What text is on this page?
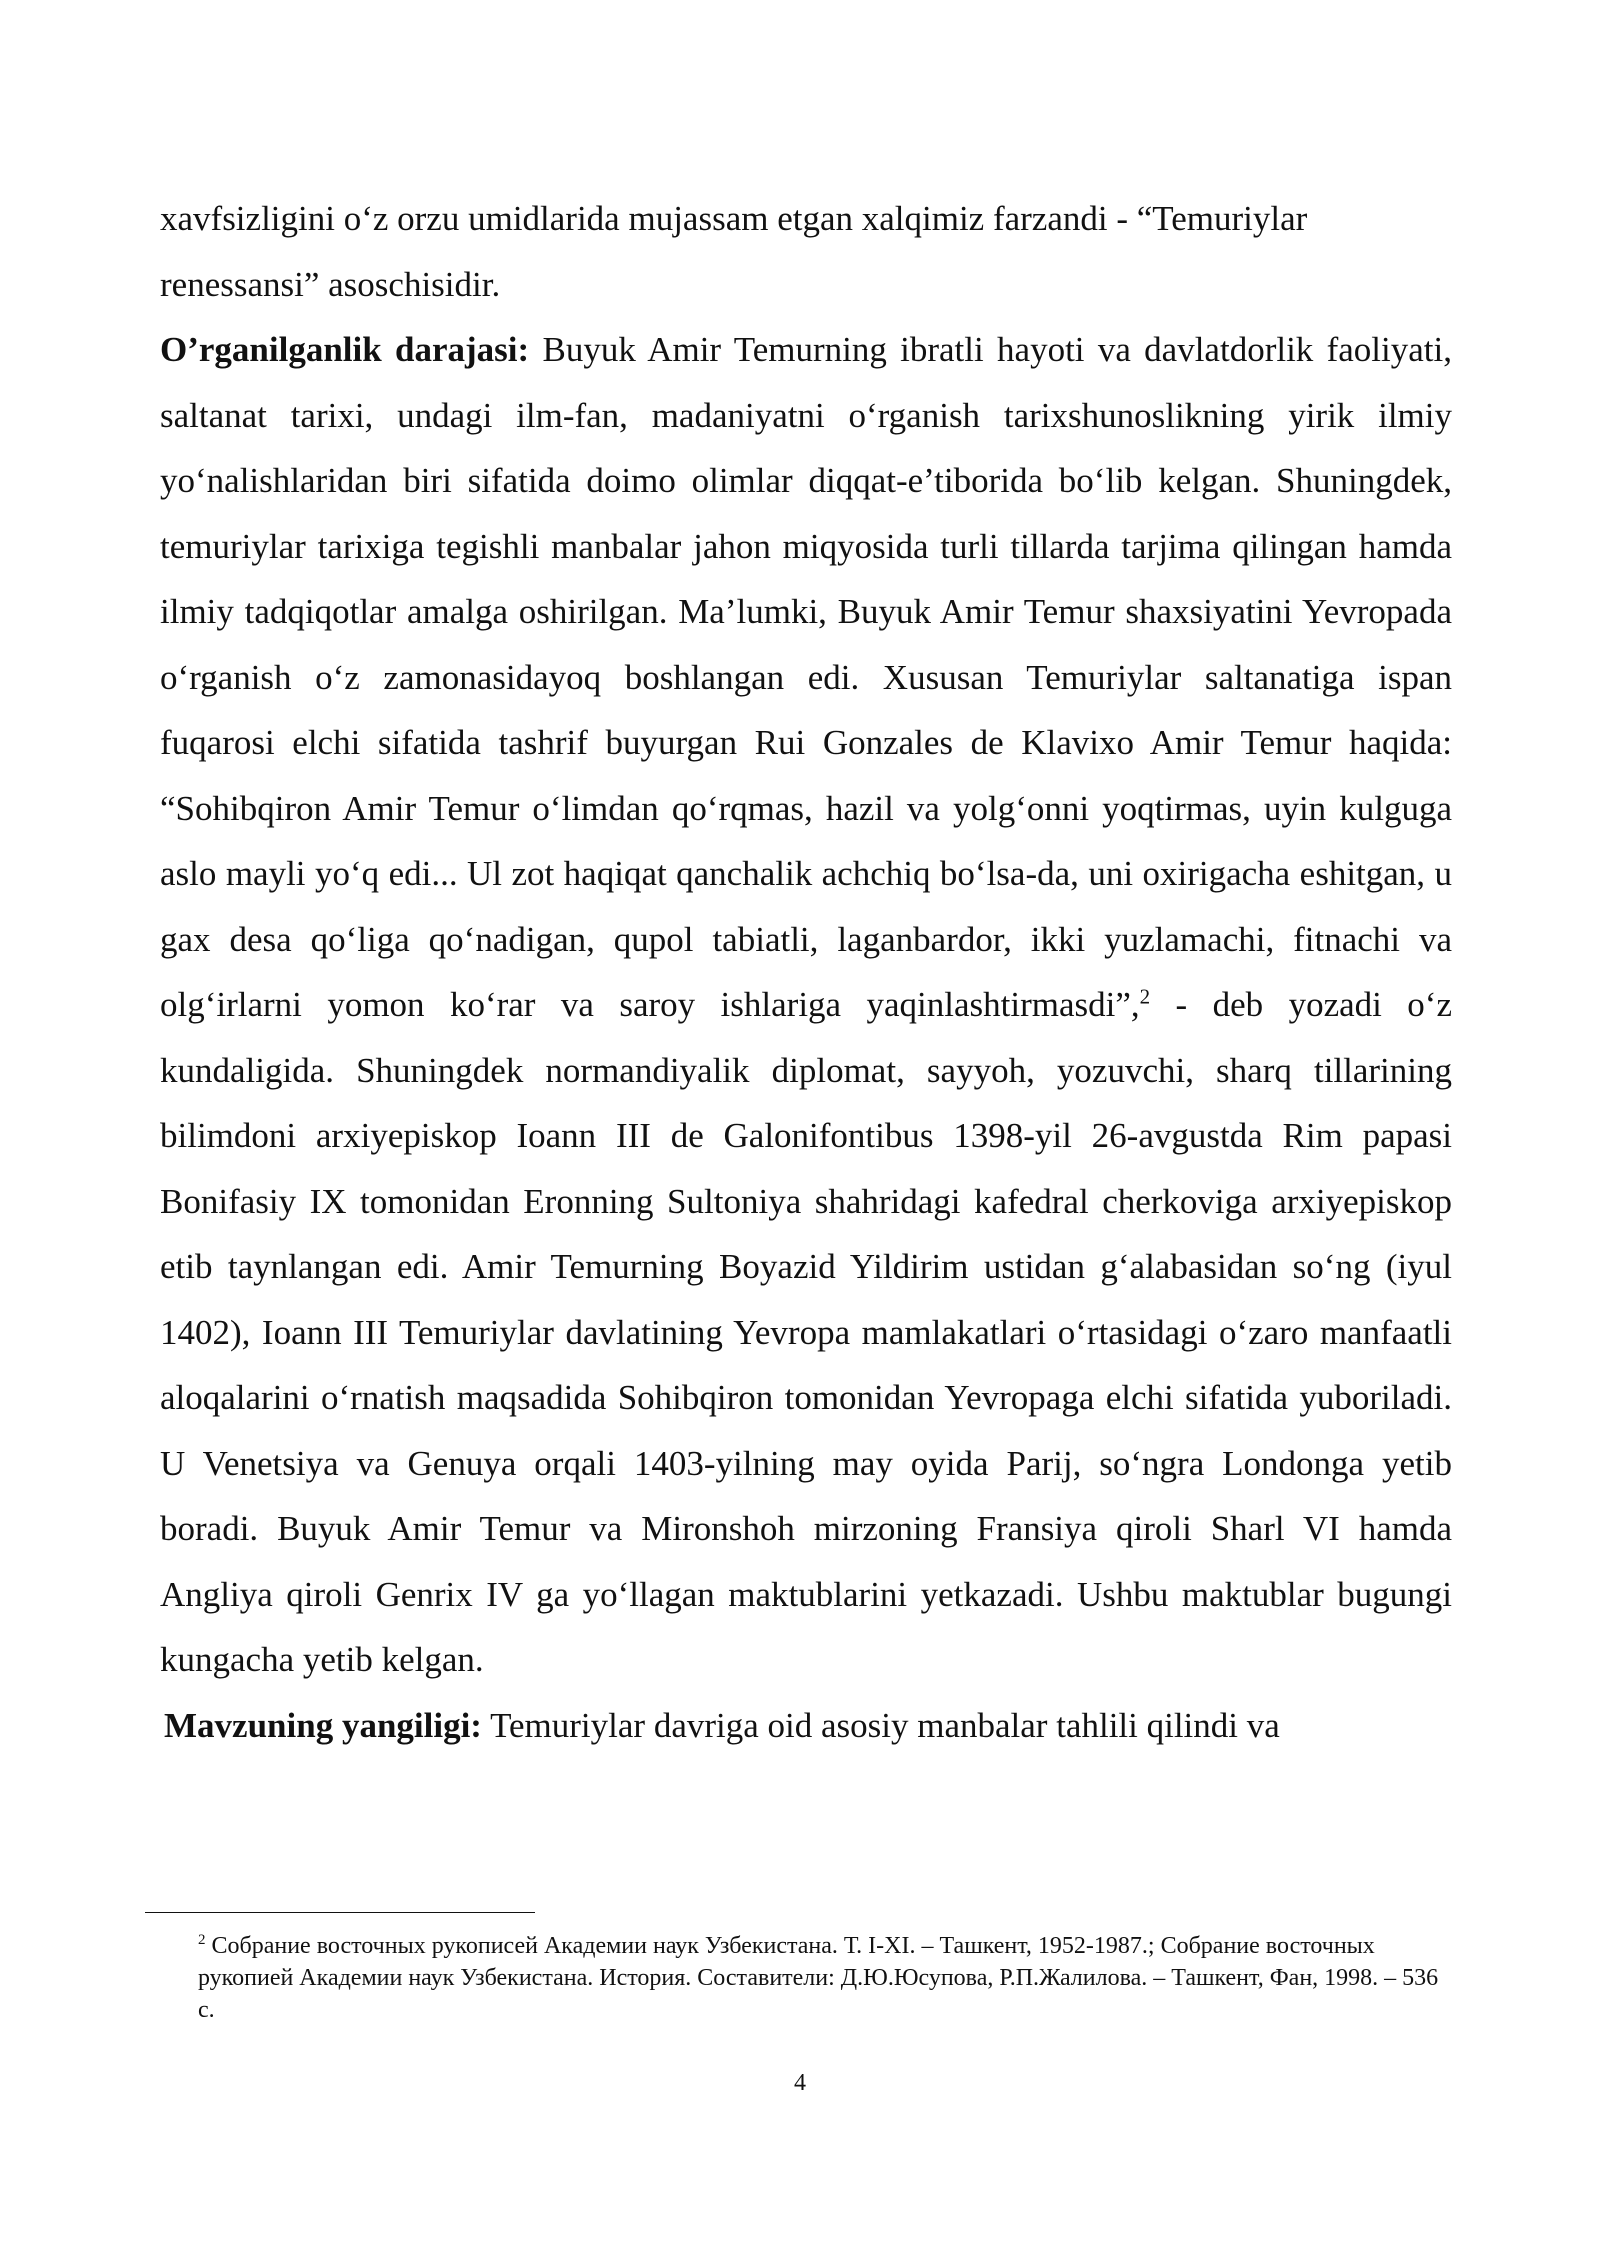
xavfsizligini o‘z orzu umidlarida mujassam etgan xalqimiz farzandi - “Temuriylar renessansi” asoschisidir.

O’rganilganlik darajasi: Buyuk Amir Temurning ibratli hayoti va davlatdorlik faoliyati, saltanat tarixi, undagi ilm-fan, madaniyatni o‘rganish tarixshunoslikning yirik ilmiy yo‘nalishlaridan biri sifatida doimo olimlar diqqat-e’tiborida bo‘lib kelgan. Shuningdek, temuriylar tarixiga tegishli manbalar jahon miqyosida turli tillarda tarjima qilingan hamda ilmiy tadqiqotlar amalga oshirilgan. Ma’lumki, Buyuk Amir Temur shaxsiyatini Yevropada o‘rganish o‘z zamonasidayoq boshlangan edi. Xususan Temuriylar saltanatiga ispan fuqarosi elchi sifatida tashrif buyurgan Rui Gonzales de Klavixo Amir Temur haqida: “Sohibqiron Amir Temur o‘limdan qo‘rqmas, hazil va yolg‘onni yoqtirmas, uyin kulguga aslo mayli yo‘q edi... Ul zot haqiqat qanchalik achchiq bo‘lsa-da, uni oxirigacha eshitgan, u gax desa qo‘liga qo‘nadigan, qupol tabiatli, laganbardor, ikki yuzlamachi, fitnachi va olg‘irlarni yomon ko‘rar va saroy ishlariga yaqinlashtirmasdi”,$^2$ - deb yozadi o‘z kundaligida. Shuningdek normandiyalik diplomat, sayyoh, yozuvchi, sharq tillarining bilimdoni arxiyepiskop Ioann III de Galonifontibus 1398-yil 26-avgustda Rim papasi Bonifasiy IX tomonidan Eronning Sultoniya shahridagi kafedral cherkoviga arxiyepiskop etib taynlangan edi. Amir Temurning Boyazid Yildirim ustidan g‘alabasidan so‘ng (iyul 1402), Ioann III Temuriylar davlatining Yevropa mamlakatlari o‘rtasidagi o‘zaro manfaatli aloqalarini o‘rnatish maqsadida Sohibqiron tomonidan Yevropaga elchi sifatida yuboriladi. U Venetsiya va Genuya orqali 1403-yilning may oyida Parij, so‘ngra Londonga yetib boradi. Buyuk Amir Temur va Mironshoh mirzoning Fransiya qiroli Sharl VI hamda Angliya qiroli Genrix IV ga yo‘llagan maktublarini yetkazadi. Ushbu maktublar bugungi kungacha yetib kelgan.

Mavzuning yangiligi: Temuriylar davriga oid asosiy manbalar tahlili qilindi va

$^2$ Собрание восточных рукописей Академии наук Узбекистана. Т. I-XI. – Ташкент, 1952-1987.; Собрание восточных рукопией Академии наук Узбекистана. История. Составители: Д.Ю.Юсупова, Р.П.Жалилова. – Ташкент, Фан, 1998. – 536 с.
4
